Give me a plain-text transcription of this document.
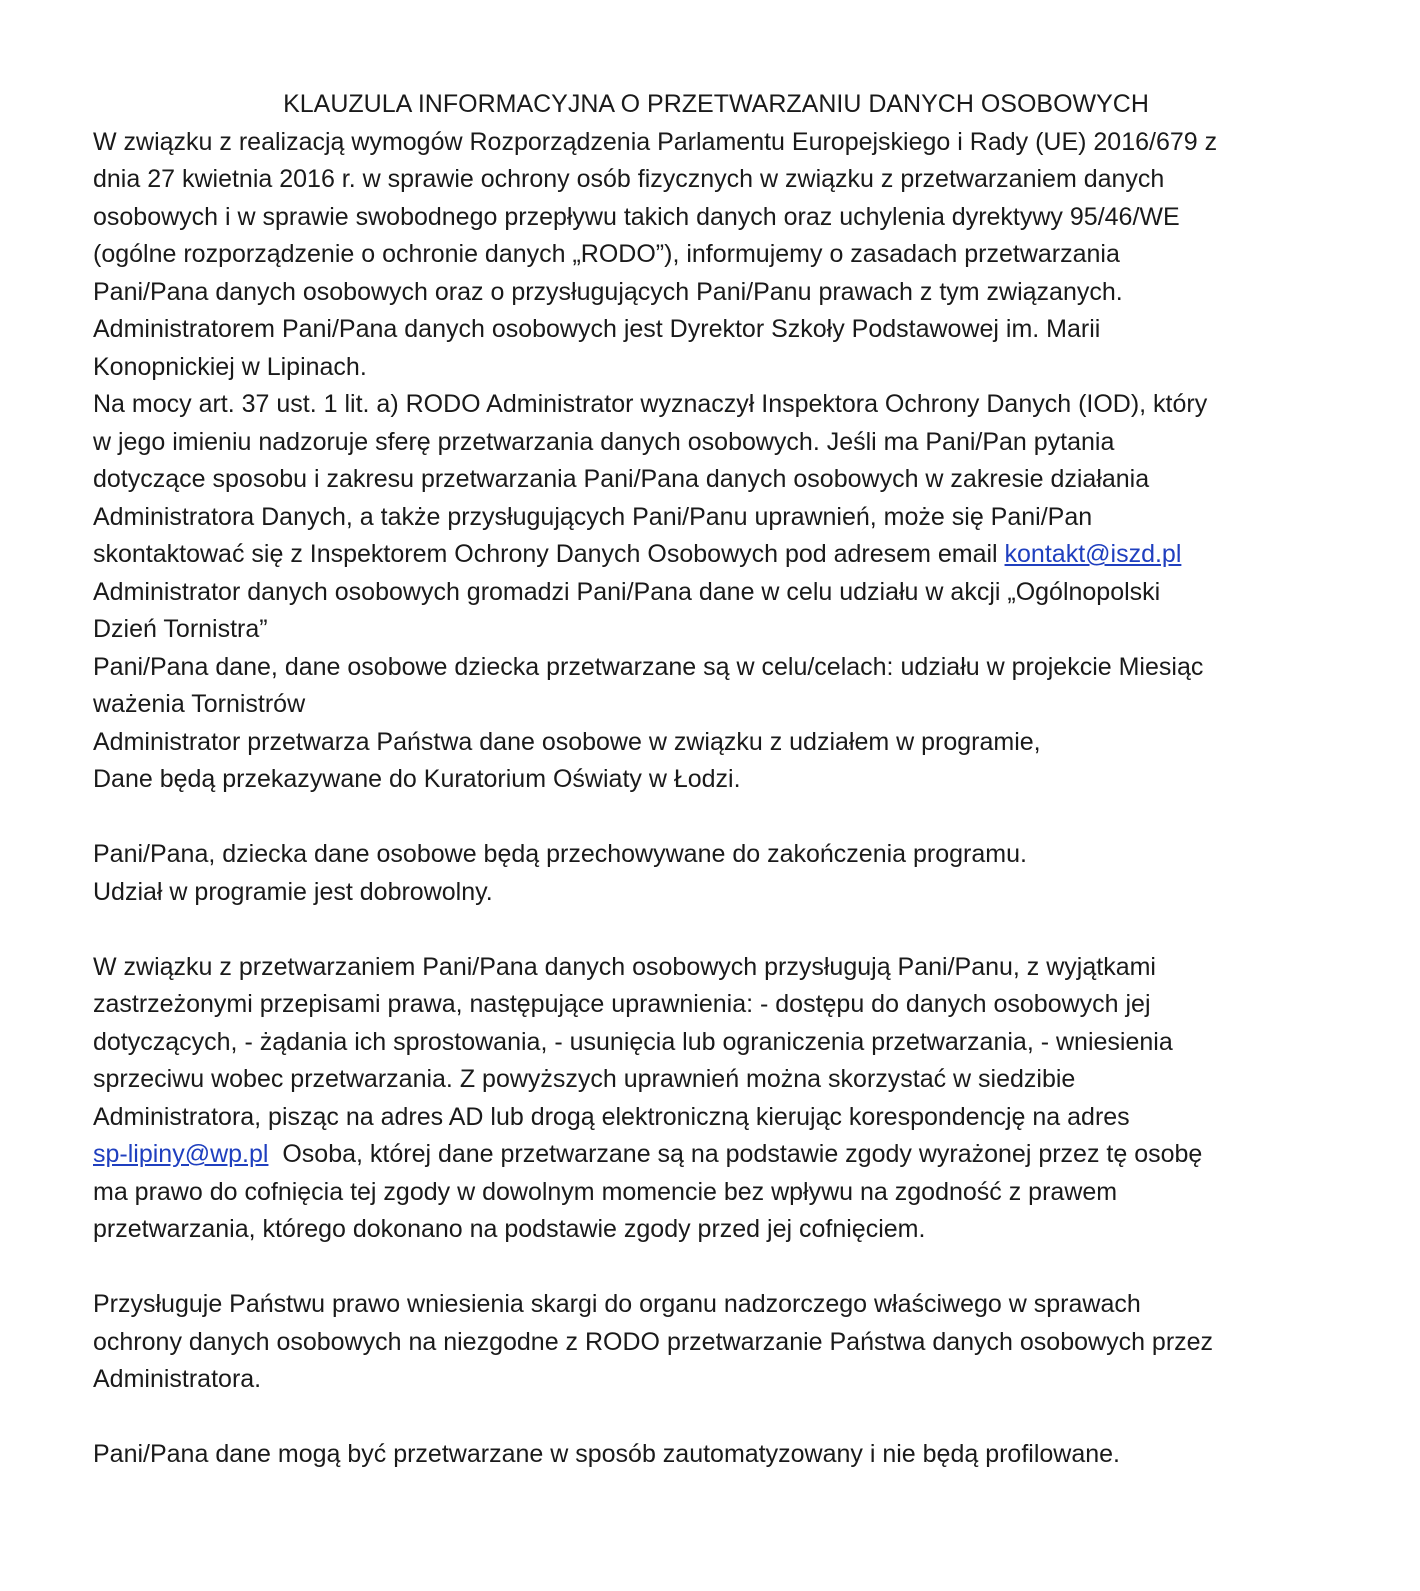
KLAUZULA INFORMACYJNA O PRZETWARZANIU DANYCH OSOBOWYCH
W związku z realizacją wymogów Rozporządzenia Parlamentu Europejskiego i Rady (UE) 2016/679 z
dnia 27 kwietnia 2016 r. w sprawie ochrony osób fizycznych w związku z przetwarzaniem danych
osobowych i w sprawie swobodnego przepływu takich danych oraz uchylenia dyrektywy 95/46/WE
(ogólne rozporządzenie o ochronie danych „RODO”), informujemy o zasadach przetwarzania
Pani/Pana danych osobowych oraz o przysługujących Pani/Panu prawach z tym związanych.
Administratorem Pani/Pana danych osobowych jest Dyrektor Szkoły Podstawowej im. Marii
Konopnickiej w Lipinach.
Na mocy art. 37 ust. 1 lit. a) RODO Administrator wyznaczył Inspektora Ochrony Danych (IOD), który
w jego imieniu nadzoruje sferę przetwarzania danych osobowych. Jeśli ma Pani/Pan pytania
dotyczące sposobu i zakresu przetwarzania Pani/Pana danych osobowych w zakresie działania
Administratora Danych, a także przysługujących Pani/Panu uprawnień, może się Pani/Pan
skontaktować się z Inspektorem Ochrony Danych Osobowych pod adresem email kontakt@iszd.pl
Administrator danych osobowych gromadzi Pani/Pana dane w celu udziału w akcji „Ogólnopolski
Dzień Tornistra”
Pani/Pana dane, dane osobowe dziecka przetwarzane są w celu/celach: udziału w projekcie Miesiąc
ważenia Tornistrów
Administrator przetwarza Państwa dane osobowe w związku z udziałem w programie,
Dane będą przekazywane do Kuratorium Oświaty w Łodzi.
Pani/Pana, dziecka dane osobowe będą przechowywane do zakończenia programu.
Udział w programie jest dobrowolny.
W związku z przetwarzaniem Pani/Pana danych osobowych przysługują Pani/Panu, z wyjątkami
zastrzeżonymi przepisami prawa, następujące uprawnienia: - dostępu do danych osobowych jej
dotyczących, - żądania ich sprostowania, - usunięcia lub ograniczenia przetwarzania, - wniesienia
sprzeciwu wobec przetwarzania. Z powyższych uprawnień można skorzystać w siedzibie
Administratora, pisząc na adres AD lub drogą elektroniczną kierując korespondencję na adres
sp-lipiny@wp.pl  Osoba, której dane przetwarzane są na podstawie zgody wyrażonej przez tę osobę
ma prawo do cofnięcia tej zgody w dowolnym momencie bez wpływu na zgodność z prawem
przetwarzania, którego dokonano na podstawie zgody przed jej cofnięciem.
Przysługuje Państwu prawo wniesienia skargi do organu nadzorczego właściwego w sprawach
ochrony danych osobowych na niezgodne z RODO przetwarzanie Państwa danych osobowych przez
Administratora.
Pani/Pana dane mogą być przetwarzane w sposób zautomatyzowany i nie będą profilowane.
